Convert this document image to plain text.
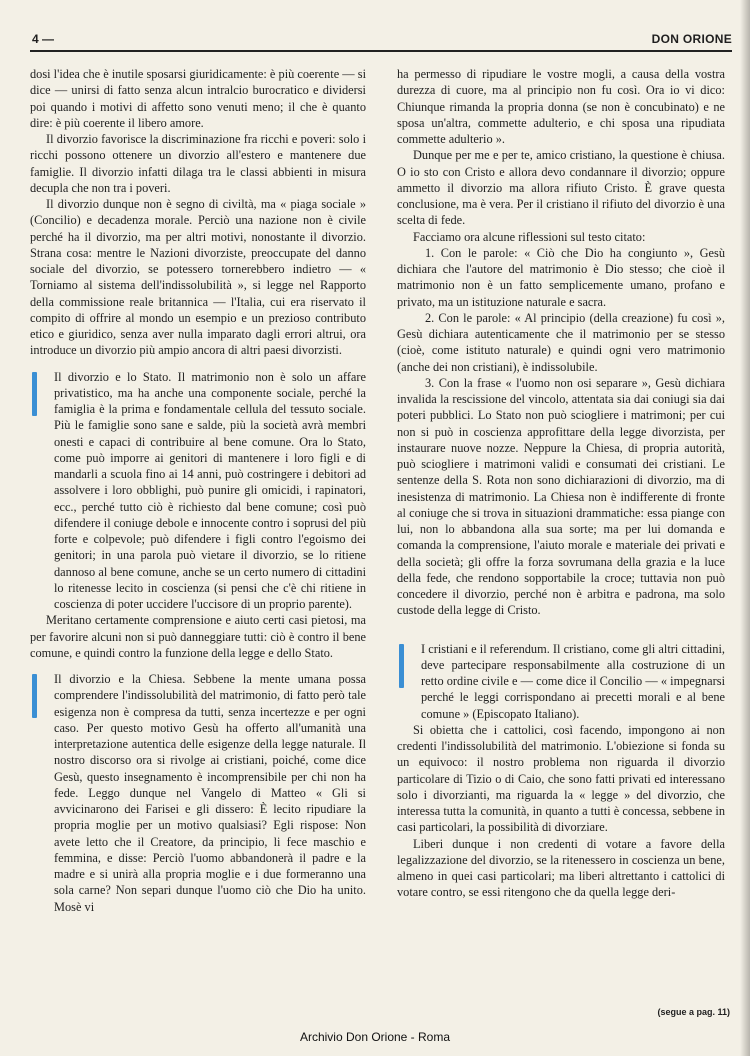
4 —	DON ORIONE

dosi l'idea che è inutile sposarsi giuridicamente: è più coerente — si dice — unirsi di fatto senza alcun intralcio burocratico e dividersi poi quando i motivi di affetto sono venuti meno; il che è quanto dire: è più coerente il libero amore.

Il divorzio favorisce la discriminazione fra ricchi e poveri: solo i ricchi possono ottenere un divorzio all'estero e mantenere due famiglie. Il divorzio infatti dilaga tra le classi abbienti in misura decupla che non tra i poveri.

Il divorzio dunque non è segno di civiltà, ma « piaga sociale » (Concilio) e decadenza morale. Perciò una nazione non è civile perché ha il divorzio, ma per altri motivi, nonostante il divorzio. Strana cosa: mentre le Nazioni divorziste, preoccupate del danno sociale del divorzio, se potessero tornerebbero indietro — « Torniamo al sistema dell'indissolubilità », si legge nel Rapporto della commissione reale britannica — l'Italia, cui era riservato il compito di offrire al mondo un esempio e un prezioso contributo etico e giuridico, senza aver nulla imparato dagli errori altrui, ora introduce un divorzio più ampio ancora di altri paesi divorzisti.

Il divorzio e lo Stato. Il matrimonio non è solo un affare privatistico, ma ha anche una componente sociale, perché la famiglia è la prima e fondamentale cellula del tessuto sociale. Più le famiglie sono sane e salde, più la società avrà membri onesti e capaci di contribuire al bene comune. Ora lo Stato, come può imporre ai genitori di mantenere i loro figli e di mandarli a scuola fino ai 14 anni, può costringere i debitori ad assolvere i loro obblighi, può punire gli omicidi, i rapinatori, ecc., perché tutto ciò è richiesto dal bene comune; così può difendere il coniuge debole e innocente contro i soprusi del più forte e colpevole; può difendere i figli contro l'egoismo dei genitori; in una parola può vietare il divorzio, se lo ritiene dannoso al bene comune, anche se un certo numero di cittadini lo ritenesse lecito in coscienza (si pensi che c'è chi ritiene in coscienza di poter uccidere l'uccisore di un proprio parente).

Meritano certamente comprensione e aiuto certi casi pietosi, ma per favorire alcuni non si può danneggiare tutti: ciò è contro il bene comune, e quindi contro la funzione della legge e dello Stato.

Il divorzio e la Chiesa. Sebbene la mente umana possa comprendere l'indissolubilità del matrimonio, di fatto però tale esigenza non è compresa da tutti, senza incertezze e per ogni caso. Per questo motivo Gesù ha offerto all'umanità una interpretazione autentica delle esigenze della legge naturale. Il nostro discorso ora si rivolge ai cristiani, poiché, come dice Gesù, questo insegnamento è incomprensibile per chi non ha fede. Leggo dunque nel Vangelo di Matteo « Gli si avvicinarono dei Farisei e gli dissero: È lecito ripudiare la propria moglie per un motivo qualsiasi? Egli rispose: Non avete letto che il Creatore, da principio, li fece maschio e femmina, e disse: Perciò l'uomo abbandonerà il padre e la madre e si unirà alla propria moglie e i due formeranno una sola carne? Non separi dunque l'uomo ciò che Dio ha unito. Mosè vi

ha permesso di ripudiare le vostre mogli, a causa della vostra durezza di cuore, ma al principio non fu così. Ora io vi dico: Chiunque rimanda la propria donna (se non è concubinato) e ne sposa un'altra, commette adulterio, e chi sposa una ripudiata commette adulterio ».

Dunque per me e per te, amico cristiano, la questione è chiusa. O io sto con Cristo e allora devo condannare il divorzio; oppure ammetto il divorzio ma allora rifiuto Cristo. È grave questa conclusione, ma è vera. Per il cristiano il rifiuto del divorzio è una scelta di fede.

Facciamo ora alcune riflessioni sul testo citato:

1. Con le parole: « Ciò che Dio ha congiunto », Gesù dichiara che l'autore del matrimonio è Dio stesso; che cioè il matrimonio non è un fatto semplicemente umano, profano e privato, ma un istituzione naturale e sacra.

2. Con le parole: « Al principio (della creazione) fu così », Gesù dichiara autenticamente che il matrimonio per se stesso (cioè, come istituto naturale) e quindi ogni vero matrimonio (anche dei non cristiani), è indissolubile.

3. Con la frase « l'uomo non osi separare », Gesù dichiara invalida la rescissione del vincolo, attentata sia dai coniugi sia dai poteri pubblici. Lo Stato non può sciogliere i matrimoni; per cui non si può in coscienza approfittare della legge divorzista, per instaurare nuove nozze. Neppure la Chiesa, di propria autorità, può sciogliere i matrimoni validi e consumati dei cristiani. Le sentenze della S. Rota non sono dichiarazioni di divorzio, ma di inesistenza di matrimonio. La Chiesa non è indifferente di fronte al coniuge che si trova in situazioni drammatiche: essa piange con lui, non lo abbandona alla sua sorte; ma per lui domanda e comanda la comprensione, l'aiuto morale e materiale dei privati e della società; gli offre la forza sovrumana della grazia e la luce della fede, che rendono sopportabile la croce; tuttavia non può concedere il divorzio, perché non è arbitra e padrona, ma solo custode della legge di Cristo.

I cristiani e il referendum. Il cristiano, come gli altri cittadini, deve partecipare responsabilmente alla costruzione di un retto ordine civile e — come dice il Concilio — « impegnarsi perché le leggi corrispondano ai precetti morali e al bene comune » (Episcopato Italiano).

Si obietta che i cattolici, così facendo, impongono ai non credenti l'indissolubilità del matrimonio. L'obiezione si fonda su un equivoco: il nostro problema non riguarda il divorzio particolare di Tizio o di Caio, che sono fatti privati ed interessano solo i divorzianti, ma riguarda la « legge » del divorzio, che interessa tutta la comunità, in quanto a tutti è concessa, sebbene in casi particolari, la possibilità di divorziare.

Liberi dunque i non credenti di votare a favore della legalizzazione del divorzio, se la ritenessero in coscienza un bene, almeno in quei casi particolari; ma liberi altrettanto i cattolici di votare contro, se essi ritengono che da quella legge deri-

(segue a pag. 11)
Archivio Don Orione - Roma
